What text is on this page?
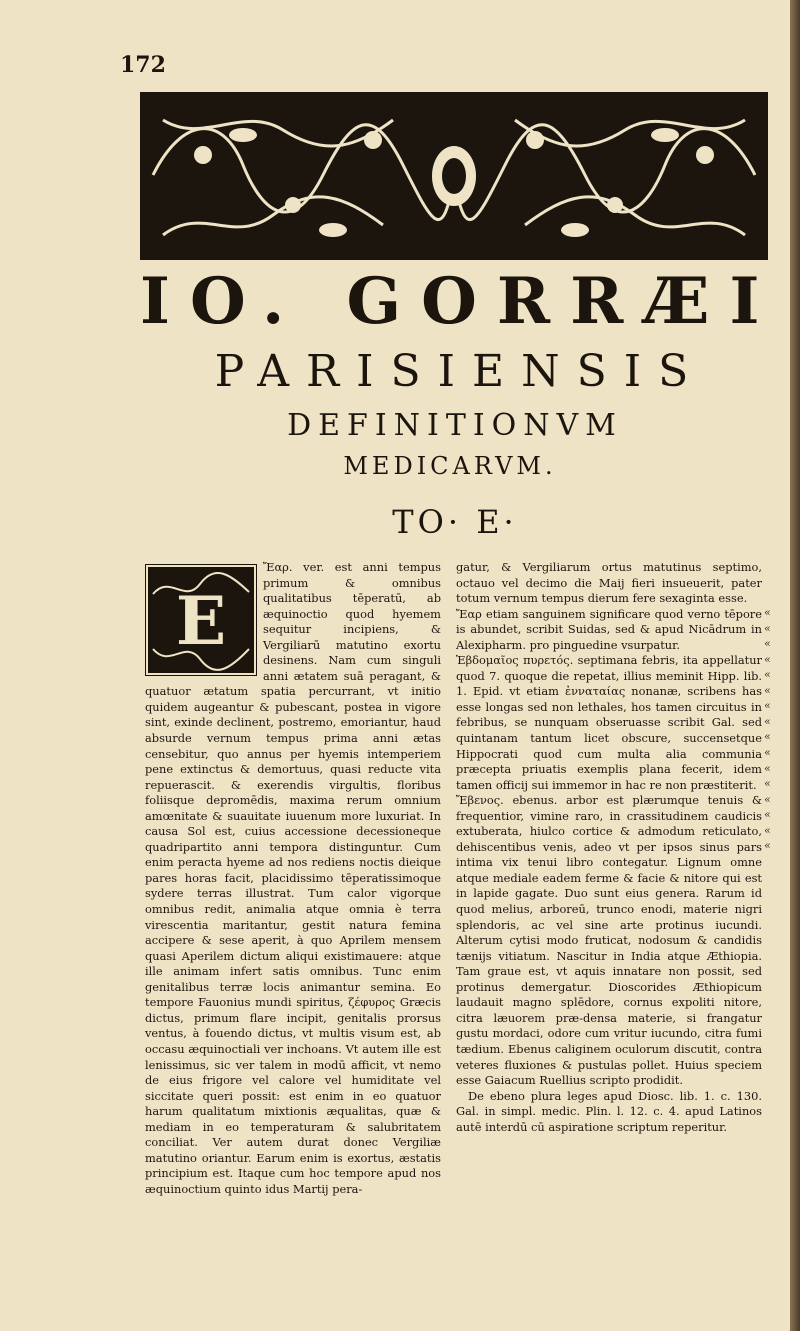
172
IO. GORRÆI
PARISIENSIS
DEFINITIONVM
MEDICARVM.
TO· E·
E

Ἔαρ. ver. est anni tempus primum & omnibus qualitatibus tēperatū, ab æquinoctio quod hyemem sequitur incipiens, & Vergiliarū matutino exortu desinens. Nam cum singuli anni ætatem suā peragant, & quatuor ætatum spatia percurrant, vt initio quidem augeantur & pubescant, postea in vigore sint, exinde declinent, postremo, emoriantur, haud absurde vernum tempus prima anni ætas censebitur, quo annus per hyemis intemperiem pene extinctus & demortuus, quasi reducte vita repuerascit. & exerendis virgultis, floribus foliisque depromēdis, maxima rerum omnium amœnitate & suauitate iuuenum more luxuriat. In causa Sol est, cuius accessione decessioneque quadripartito anni tempora distinguntur. Cum enim peracta hyeme ad nos rediens noctis dieique pares horas facit, placidissimo tēperatissimoque sydere terras illustrat. Tum calor vigorque omnibus redit, animalia atque omnia è terra virescentia maritantur, gestit natura femina accipere & sese aperit, à quo Aprilem mensem quasi Aperilem dictum aliqui existimauere: atque ille animam infert satis omnibus. Tunc enim genitalibus terræ locis animantur semina. Eo tempore Fauonius mundi spiritus, ζέφυρος Græcis dictus, primum flare incipit, genitalis prorsus ventus, à fouendo dictus, vt multis visum est, ab occasu æquinoctiali ver inchoans. Vt autem ille est lenissimus, sic ver talem in modū afficit, vt nemo de eius frigore vel calore vel humiditate vel siccitate queri possit: est enim in eo quatuor harum qualitatum mixtionis æqualitas, quæ & mediam in eo temperaturam & salubritatem conciliat. Ver autem durat donec Vergiliæ matutino oriantur. Earum enim is exortus, æstatis principium est. Itaque cum hoc tempore apud nos æquinoctium quinto idus Martij pera-

gatur, & Vergiliarum ortus matutinus septimo, octauo vel decimo die Maij fieri insueuerit, pater totum vernum tempus dierum fere sexaginta esse.

Ἔαρ etiam sanguinem significare quod verno tēpore is abundet, scribit Suidas, sed & apud Nicādrum in Alexipharm. pro pinguedine vsurpatur.

Ἑβδομαῖος πυρετός. septimana febris, ita appellatur quod 7. quoque die repetat, illius meminit Hipp. lib. 1. Epid. vt etiam ἐνναταίας nonanæ, scribens has esse longas sed non lethales, hos tamen circuitus in febribus, se nunquam obseruasse scribit Gal. sed quintanam tantum licet obscure, succensetque Hippocrati quod cum multa alia communia præcepta priuatis exemplis plana fecerit, idem tamen officij sui immemor in hac re non præstiterit.

Ἔβενος. ebenus. arbor est plærumque tenuis & frequentior, vimine raro, in crassitudinem caudicis extuberata, hiulco cortice & admodum reticulato, dehiscentibus venis, adeo vt per ipsos sinus pars intima vix tenui libro contegatur. Lignum omne atque mediale eadem ferme & facie & nitore qui est in lapide gagate. Duo sunt eius genera. Rarum id quod melius, arboreū, trunco enodi, materie nigri splendoris, ac vel sine arte protinus iucundi. Alterum cytisi modo fruticat, nodosum & candidis tænijs vitiatum. Nascitur in India atque Æthiopia. Tam graue est, vt aquis innatare non possit, sed protinus demergatur. Dioscorides Æthiopicum laudauit magno splēdore, cornus expoliti nitore, citra læuorem præ-densa materie, si frangatur gustu mordaci, odore cum vritur iucundo, citra fumi tædium. Ebenus caliginem oculorum discutit, contra veteres fluxiones & pustulas pollet. Huius speciem esse Gaiacum Ruellius scripto prodidit.

De ebeno plura leges apud Diosc. lib. 1. c. 130. Gal. in simpl. medic. Plin. l. 12. c. 4. apud Latinos autē interdū cū aspiratione scriptum reperitur.

«
«
«
«
«
«
«
«
«
«
«
«
«
«
«
«
